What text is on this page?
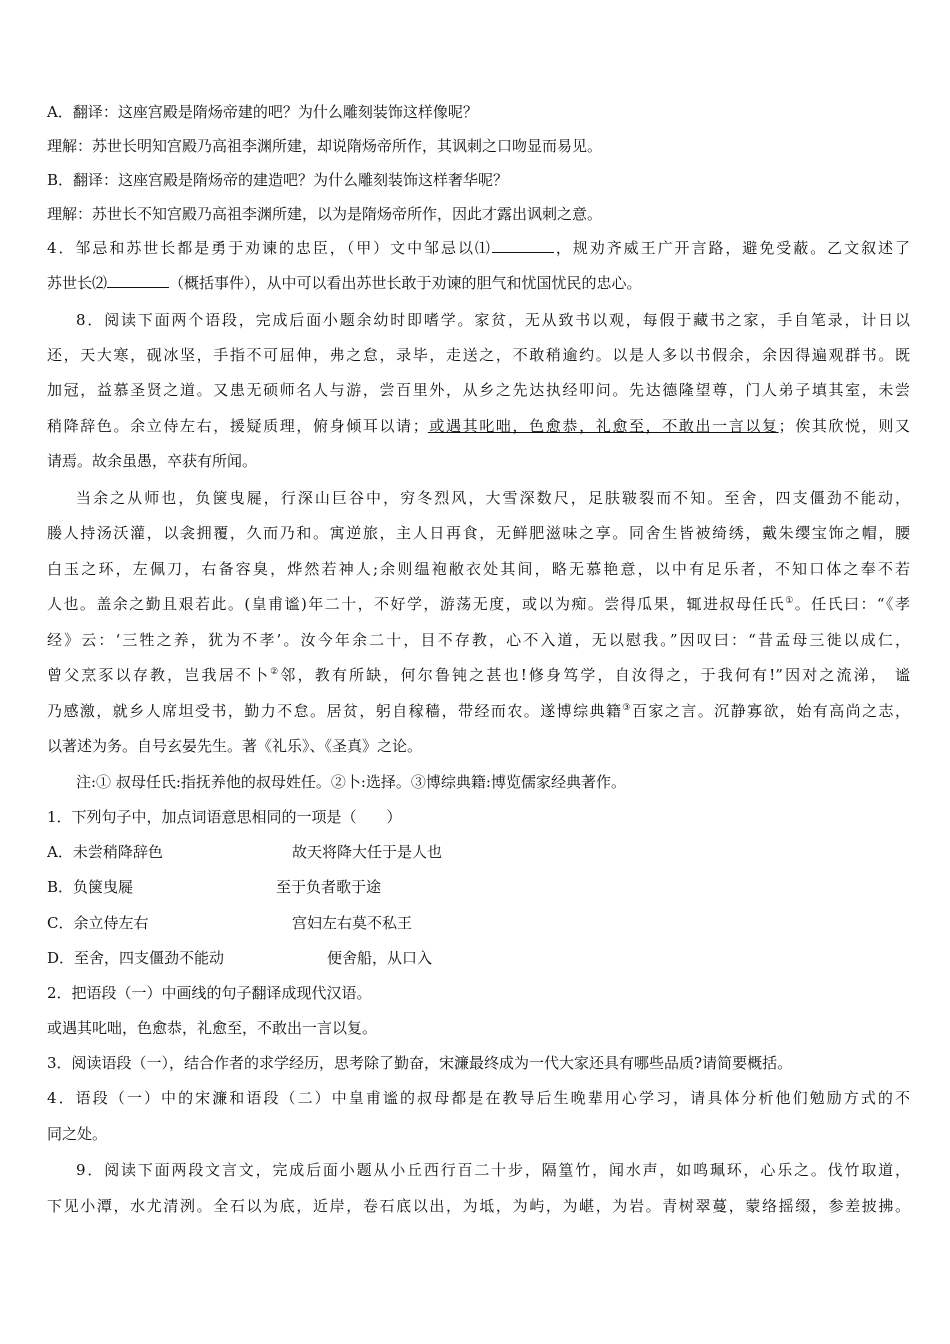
A．翻译：这座宫殿是隋炀帝建的吧？为什么雕刻装饰这样像呢？
理解：苏世长明知宫殿乃高祖李渊所建，却说隋炀帝所作，其讽刺之口吻显而易见。
B．翻译：这座宫殿是隋炀帝的建造吧？为什么雕刻装饰这样奢华呢？
理解：苏世长不知宫殿乃高祖李渊所建，以为是隋炀帝所作，因此才露出讽刺之意。
4．邹忌和苏世长都是勇于劝谏的忠臣，（甲）文中邹忌以⑴	，规劝齐威王广开言路，避免受蔽。乙文叙述了
苏世长⑵	（概括事件），从中可以看出苏世长敢于劝谏的胆气和忧国忧民的忠心。
8．阅读下面两个语段，完成后面小题余幼时即嗜学。家贫，无从致书以观，每假于藏书之家，手自笔录，计日以
还，天大寒，砚冰坚，手指不可屈伸，弗之怠，录毕，走送之，不敢稍逾约。以是人多以书假余，余因得遍观群书。既
加冠，益慕圣贤之道。又患无硕师名人与游，尝百里外，从乡之先达执经叩问。先达德隆望尊，门人弟子填其室，未尝
稍降辞色。余立侍左右，援疑质理，俯身倾耳以请；或遇其叱咄，色愈恭，礼愈至，不敢出一言以复；俟其欣悦，则又
请焉。故余虽愚，卒获有所闻。
当余之从师也，负箧曳屣，行深山巨谷中，穷冬烈风，大雪深数尺，足肤皲裂而不知。至舍，四支僵劲不能动，
媵人持汤沃灌，以衾拥覆，久而乃和。寓逆旅，主人日再食，无鲜肥滋味之享。同舍生皆被绮绣，戴朱缨宝饰之帽，腰
白玉之环，左佩刀，右备容臭，烨然若神人;余则缊袍敝衣处其间，略无慕艳意，以中有足乐者，不知口体之奉不若
人也。盖余之勤且艰若此。(皇甫谧)年二十，不好学，游荡无度，或以为痴。尝得瓜果，辄进叔母任氏①。任氏曰：“《孝
经》云：‘三牲之养，犹为不孝’。汝今年余二十，目不存教，心不入道，无以慰我。”因叹曰：“昔孟母三徙以成仁，
曾父烹豕以存教，岂我居不卜②邻，教有所缺，何尔鲁钝之甚也!修身笃学，自汝得之，于我何有!”因对之流涕， 谧
乃感激，就乡人席坦受书，勤力不怠。居贫，躬自稼穑，带经而农。遂博综典籍③百家之言。沉静寡欲，始有高尚之志，
以著述为务。自号玄晏先生。著《礼乐》、《圣真》之论。
注:① 叔母任氏:指抚养他的叔母姓任。②卜:选择。③博综典籍:博览儒家经典著作。
1．下列句子中，加点词语意思相同的一项是（　　）
A．未尝稍降辞色	故天将降大任于是人也
B．负箧曳屣	至于负者歌于途
C．余立侍左右	宫妇左右莫不私王
D．至舍，四支僵劲不能动	便舍船，从口入
2．把语段（一）中画线的句子翻译成现代汉语。
或遇其叱咄，色愈恭，礼愈至，不敢出一言以复。
3．阅读语段（一），结合作者的求学经历，思考除了勤奋，宋濂最终成为一代大家还具有哪些品质?请简要概括。
4．语段（一）中的宋濂和语段（二）中皇甫谧的叔母都是在教导后生晚辈用心学习，请具体分析他们勉励方式的不
同之处。
9．阅读下面两段文言文，完成后面小题从小丘西行百二十步，隔篁竹，闻水声，如鸣珮环，心乐之。伐竹取道，
下见小潭，水尤清洌。全石以为底，近岸，卷石底以出，为坻，为屿，为嵁，为岩。青树翠蔓，蒙络摇缀，参差披拂。
